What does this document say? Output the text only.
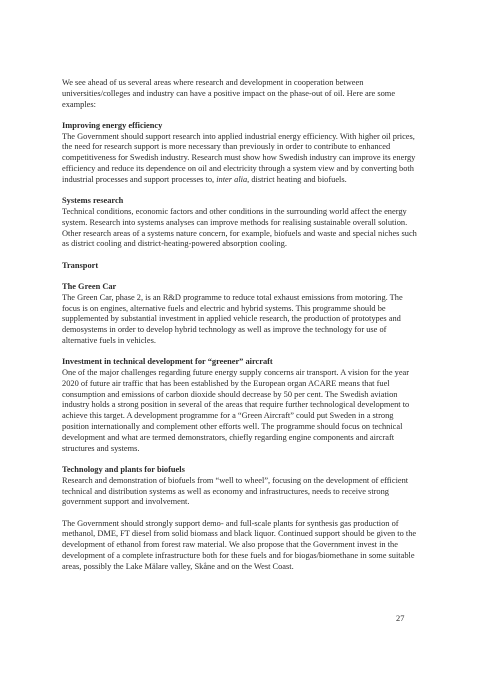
We see ahead of us several areas where research and development in cooperation between universities/colleges and industry can have a positive impact on the phase-out of oil. Here are some examples:

Improving energy efficiency

The Government should support research into applied industrial energy efficiency. With higher oil prices, the need for research support is more necessary than previously in order to contribute to enhanced competitiveness for Swedish industry. Research must show how Swedish industry can improve its energy efficiency and reduce its dependence on oil and electricity through a system view and by converting both industrial processes and support processes to, inter alia, district heating and biofuels.

Systems research

Technical conditions, economic factors and other conditions in the surrounding world affect the energy system. Research into systems analyses can improve methods for realising sustainable overall solution. Other research areas of a systems nature concern, for example, biofuels and waste and special niches such as district cooling and district-heating-powered absorption cooling.

Transport

The Green Car

The Green Car, phase 2, is an R&D programme to reduce total exhaust emissions from motoring. The focus is on engines, alternative fuels and electric and hybrid systems. This programme should be supplemented by substantial investment in applied vehicle research, the production of prototypes and demosystems in order to develop hybrid technology as well as improve the technology for use of alternative fuels in vehicles.

Investment in technical development for “greener” aircraft

One of the major challenges regarding future energy supply concerns air transport. A vision for the year 2020 of future air traffic that has been established by the European organ ACARE means that fuel consumption and emissions of carbon dioxide should decrease by 50 per cent. The Swedish aviation industry holds a strong position in several of the areas that require further technological development to achieve this target. A development programme for a “Green Aircraft” could put Sweden in a strong position internationally and complement other efforts well. The programme should focus on technical development and what are termed demonstrators, chiefly regarding engine components and aircraft structures and systems.

Technology and plants for biofuels

Research and demonstration of biofuels from “well to wheel”, focusing on the development of efficient technical and distribution systems as well as economy and infrastructures, needs to receive strong government support and involvement.

The Government should strongly support demo- and full-scale plants for synthesis gas production of methanol, DME, FT diesel from solid biomass and black liquor. Continued support should be given to the development of ethanol from forest raw material. We also propose that the Government invest in the development of a complete infrastructure both for these fuels and for biogas/biomethane in some suitable areas, possibly the Lake Mälare valley, Skåne and on the West Coast.

27
